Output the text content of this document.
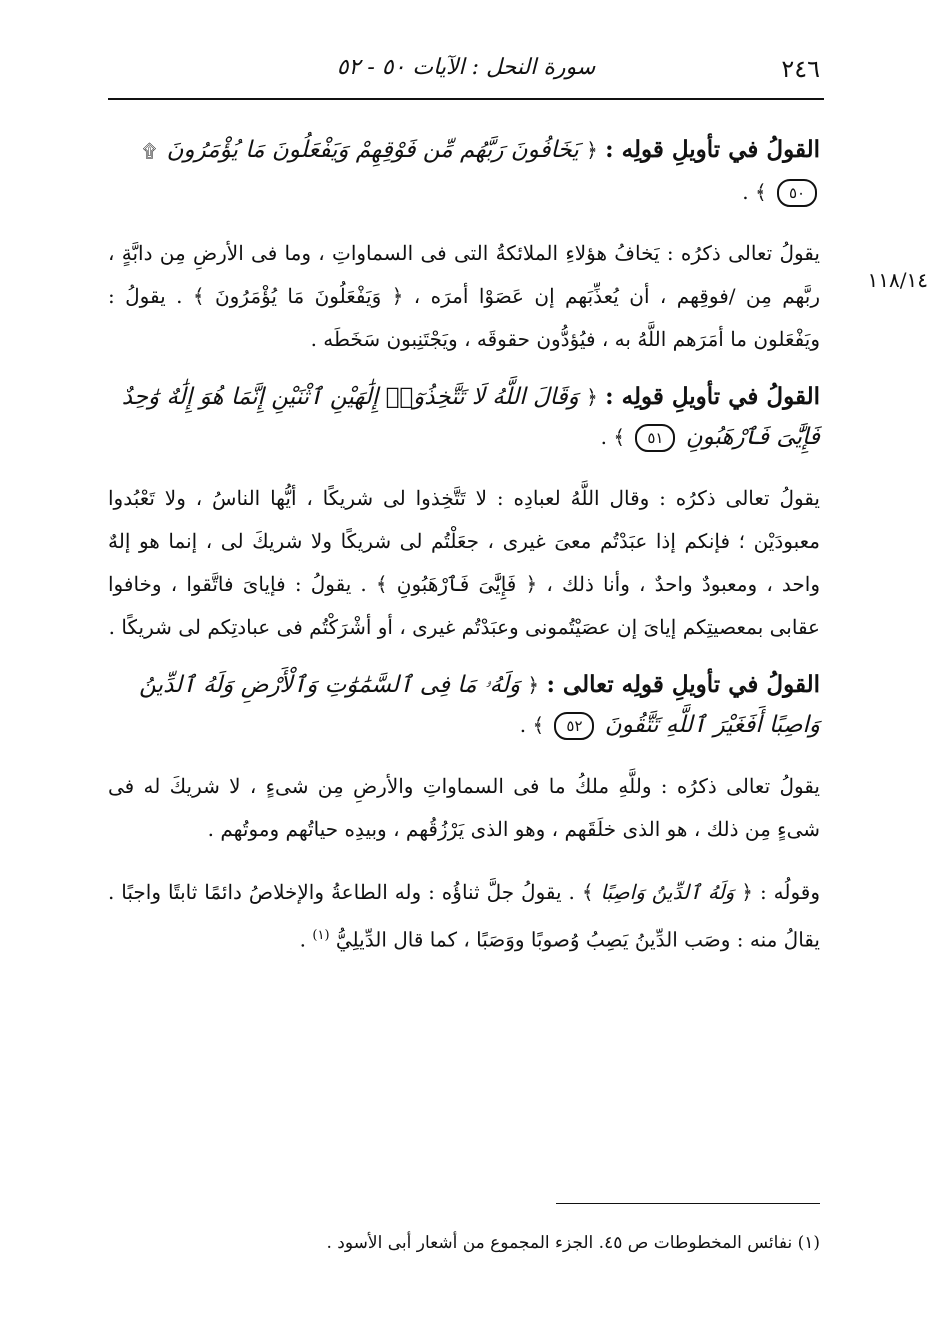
٢٤٦
سورة النحل : الآيات ٥٠ - ٥٢
١١٨/١٤
القولُ في تأويلِ قولِه : ﴿ يَخَافُونَ رَبَّهُم مِّن فَوْقِهِمْ وَيَفْعَلُونَ مَا يُؤْمَرُونَ ۩ ٥٠ ﴾ .

يقولُ تعالى ذكرُه : يَخافُ هؤلاءِ الملائكةُ التى فى السماواتِ ، وما فى الأرضِ مِن دابَّةٍ ، ربَّهم مِن /فوقِهم ، أن يُعذِّبَهم إن عَصَوْا أمرَه ، ﴿ وَيَفْعَلُونَ مَا يُؤْمَرُونَ ﴾ . يقولُ : ويَفْعَلون ما أمَرَهم اللَّهُ به ، فيُؤدُّون حقوقَه ، ويَجْتَنِبون سَخَطَه .

القولُ في تأويلِ قولِه : ﴿ وَقَالَ اللَّهُ لَا تَتَّخِذُوٓا۟ إِلَٰهَيْنِ ٱثْنَيْنِ إِنَّمَا هُوَ إِلَٰهٌ وَٰحِدٌ فَإِيَّٰىَ فَٱرْهَبُونِ ٥١ ﴾ .

يقولُ تعالى ذكرُه : وقال اللَّهُ لعبادِه : لا تَتَّخِذوا لى شريكًا ، أيُّها الناسُ ، ولا تَعْبُدوا معبودَيْن ؛ فإنكم إذا عبَدْتُم معىَ غيرى ، جعَلْتُم لى شريكًا ولا شريكَ لى ، إنما هو إلهٌ واحد ، ومعبودٌ واحدٌ ، وأنا ذلك ، ﴿ فَإِيَّٰىَ فَٱرْهَبُونِ ﴾ . يقولُ : فإياىَ فاتَّقوا ، وخافوا عقابى بمعصيتِكم إياىَ إن عصَيْتُمونى وعبَدْتُم غيرى ، أو أشْرَكْتُم فى عبادتِكم لى شريكًا .

القولُ في تأويلِ قولِه تعالى : ﴿ وَلَهُۥ مَا فِى ٱلسَّمَٰوَٰتِ وَٱلْأَرْضِ وَلَهُ ٱلدِّينُ وَاصِبًا أَفَغَيْرَ ٱللَّهِ تَتَّقُونَ ٥٢ ﴾ .

يقولُ تعالى ذكرُه : وللَّهِ ملكُ ما فى السماواتِ والأرضِ مِن شىءٍ ، لا شريكَ له فى شىءٍ مِن ذلك ، هو الذى خلَقَهم ، وهو الذى يَرْزُقُهم ، وبيدِه حياتُهم وموتُهم .

وقولُه : ﴿ وَلَهُ ٱلدِّينُ وَاصِبًا ﴾ . يقولُ جلَّ ثناؤُه : وله الطاعةُ والإخلاصُ دائمًا ثابتًا واجبًا . يقالُ منه : وصَب الدِّينُ يَصِبُ وُصوبًا ووَصَبًا ، كما قال الدِّيلِيُّ $^{(١)}$ .

(١) نفائس المخطوطات ص ٤٥. الجزء المجموع من أشعار أبى الأسود .
